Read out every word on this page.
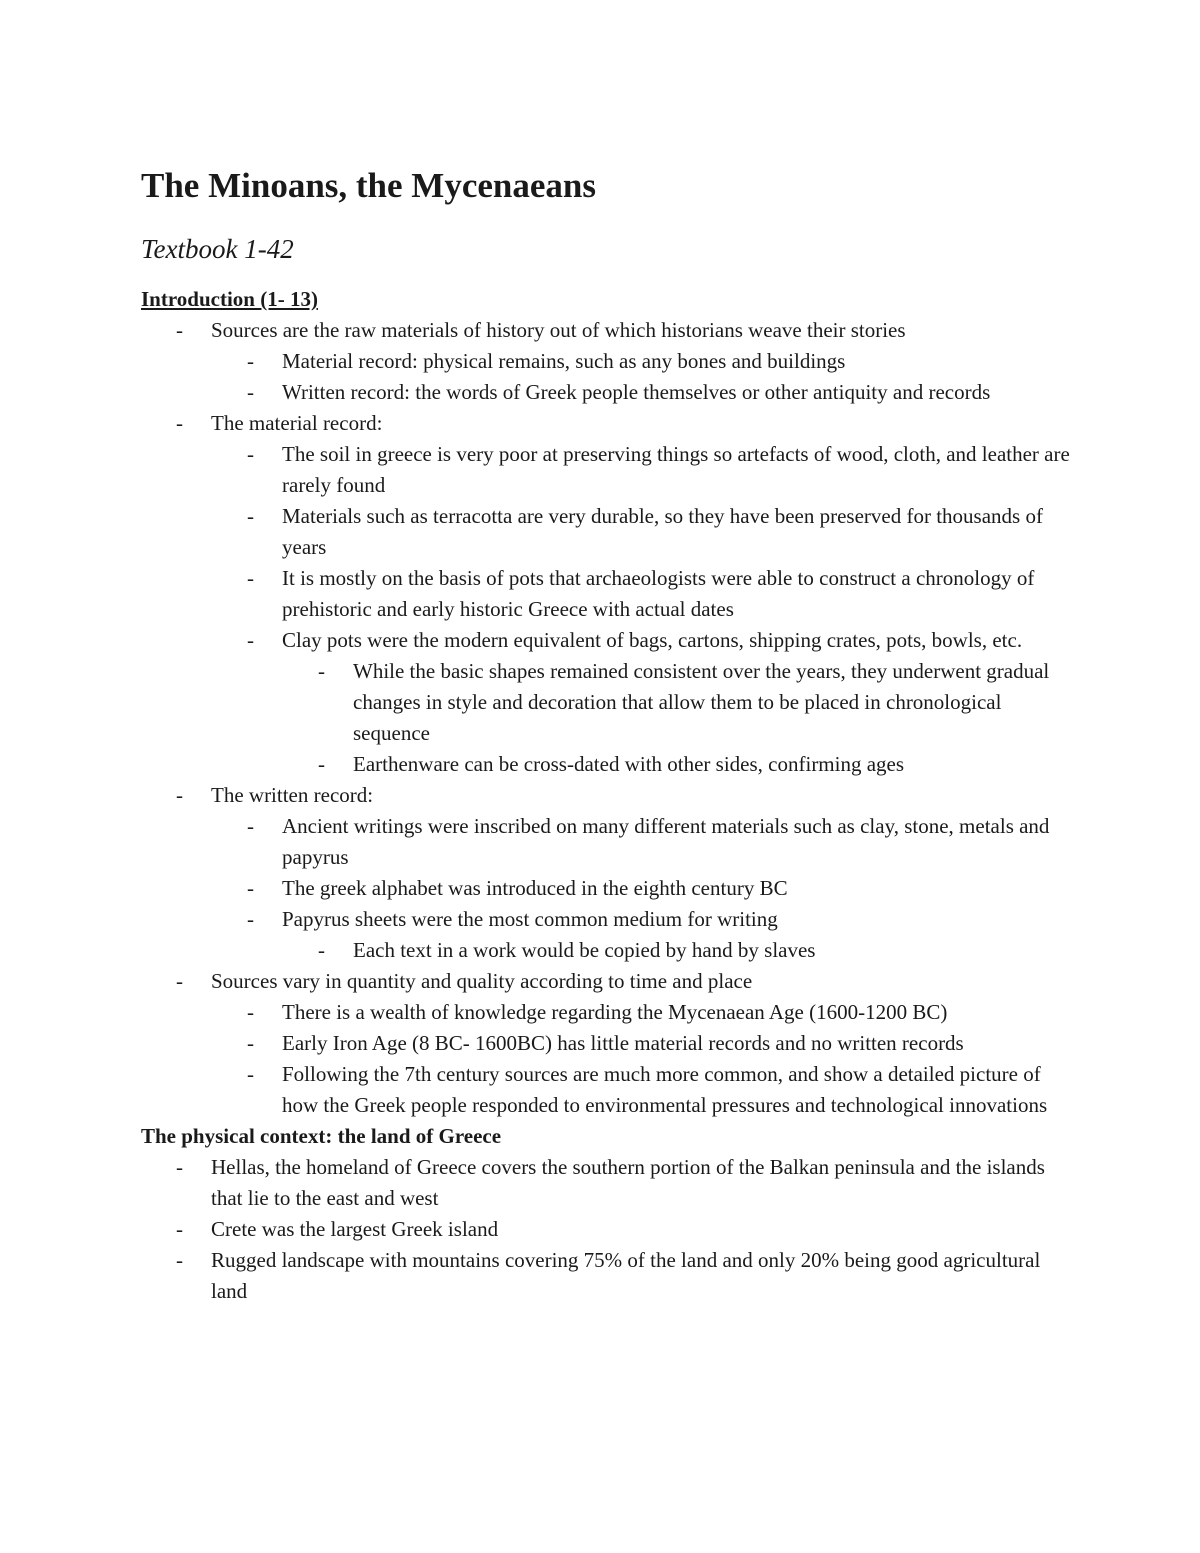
The Minoans, the Mycenaeans
Textbook 1-42
Introduction (1- 13)
-	Sources are the raw materials of history out of which historians weave their stories
-	Material record: physical remains, such as any bones and buildings
-	Written record: the words of Greek people themselves or other antiquity and records
-	The material record:
-	The soil in greece is very poor at preserving things so artefacts of wood, cloth, and leather are rarely found
-	Materials such as terracotta are very durable, so they have been preserved for thousands of years
-	It is mostly on the basis of pots that archaeologists were able to construct a chronology of prehistoric and early historic Greece with actual dates
-	Clay pots were the modern equivalent of bags, cartons, shipping crates, pots, bowls, etc.
-	While the basic shapes remained consistent over the years, they underwent gradual changes in style and decoration that allow them to be placed in chronological sequence
-	Earthenware can be cross-dated with other sides, confirming ages
-	The written record:
-	Ancient writings were inscribed on many different materials such as clay, stone, metals and papyrus
-	The greek alphabet was introduced in the eighth century BC
-	Papyrus sheets were the most common medium for writing
-	Each text in a work would be copied by hand by slaves
-	Sources vary in quantity and quality according to time and place
-	There is a wealth of knowledge regarding the Mycenaean Age (1600-1200 BC)
-	Early Iron Age (8 BC- 1600BC) has little material records and no written records
-	Following the 7th century sources are much more common, and show a detailed picture of how the Greek people responded to environmental pressures and technological innovations
The physical context: the land of Greece
-	Hellas, the homeland of Greece covers the southern portion of the Balkan peninsula and the islands that lie to the east and west
-	Crete was the largest Greek island
-	Rugged landscape with mountains covering 75% of the land and only 20% being good agricultural land
